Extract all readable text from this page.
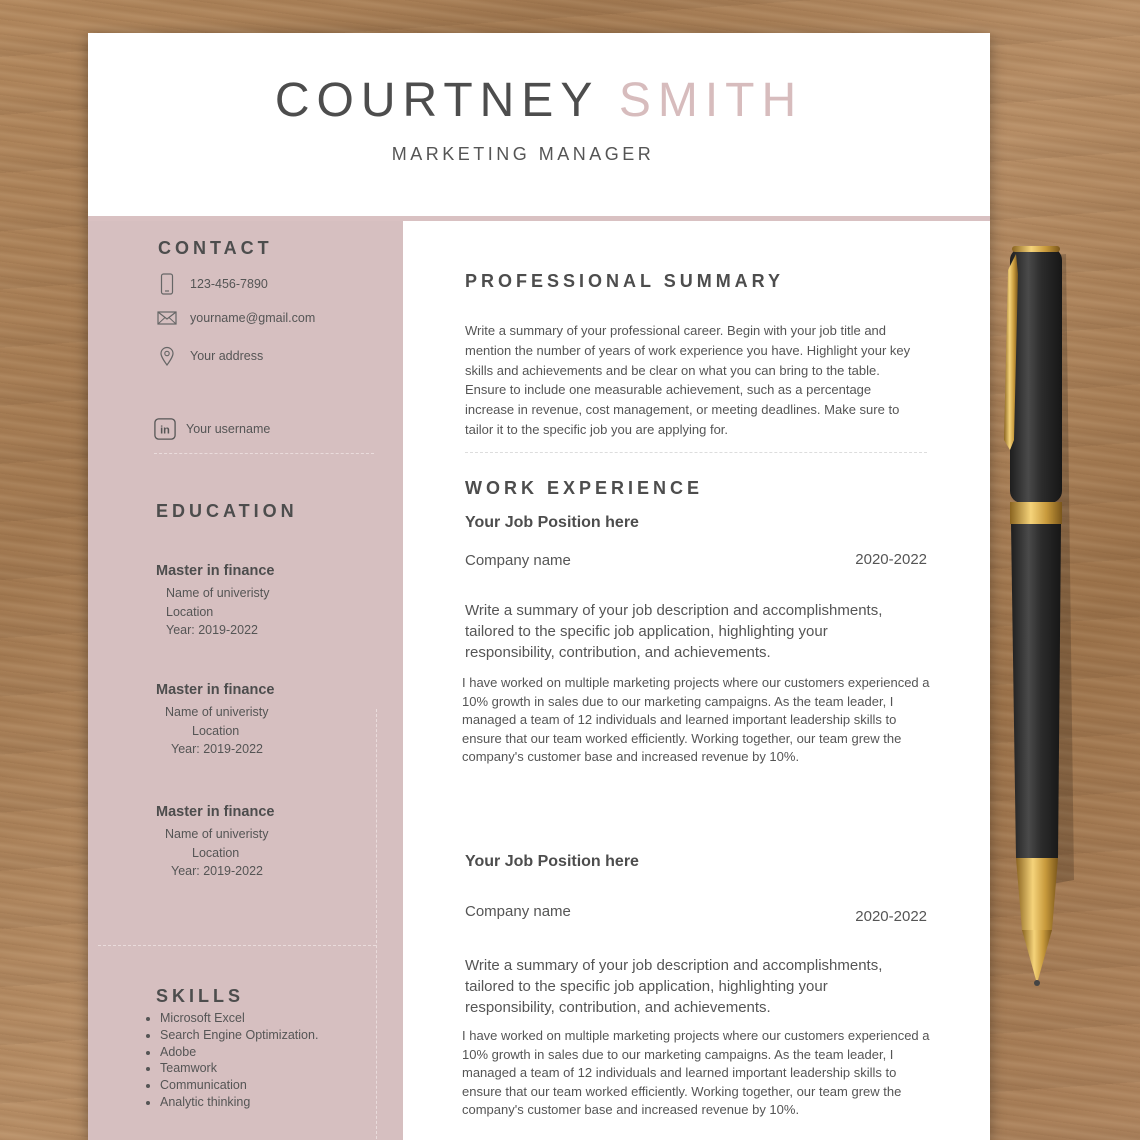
COURTNEY SMITH
MARKETING MANAGER
CONTACT
123-456-7890
yourname@gmail.com
Your address
in Your username
EDUCATION
Master in finance
Name of univeristy
Location
Year: 2019-2022
Master in finance
Name of univeristy
Location
Year: 2019-2022
Master in finance
Name of univeristy
Location
Year: 2019-2022
SKILLS
• Microsoft Excel
• Search Engine Optimization.
• Adobe
• Teamwork
• Communication
• Analytic thinking
PROFESSIONAL SUMMARY
Write a summary of your professional career. Begin with your job title and mention the number of years of work experience you have. Highlight your key skills and achievements and be clear on what you can bring to the table. Ensure to include one measurable achievement, such as a percentage increase in revenue, cost management, or meeting deadlines. Make sure to tailor it to the specific job you are applying for.
WORK EXPERIENCE
Your Job Position here
Company name	2020-2022
Write a summary of your job description and accomplishments, tailored to the specific job application, highlighting your responsibility, contribution, and achievements.
I have worked on multiple marketing projects where our customers experienced a 10% growth in sales due to our marketing campaigns. As the team leader, I managed a team of 12 individuals and learned important leadership skills to ensure that our team worked efficiently. Working together, our team grew the company's customer base and increased revenue by 10%.
Your Job Position here
Company name	2020-2022
Write a summary of your job description and accomplishments, tailored to the specific job application, highlighting your responsibility, contribution, and achievements.
I have worked on multiple marketing projects where our customers experienced a 10% growth in sales due to our marketing campaigns. As the team leader, I managed a team of 12 individuals and learned important leadership skills to ensure that our team worked efficiently. Working together, our team grew the company's customer base and increased revenue by 10%.
